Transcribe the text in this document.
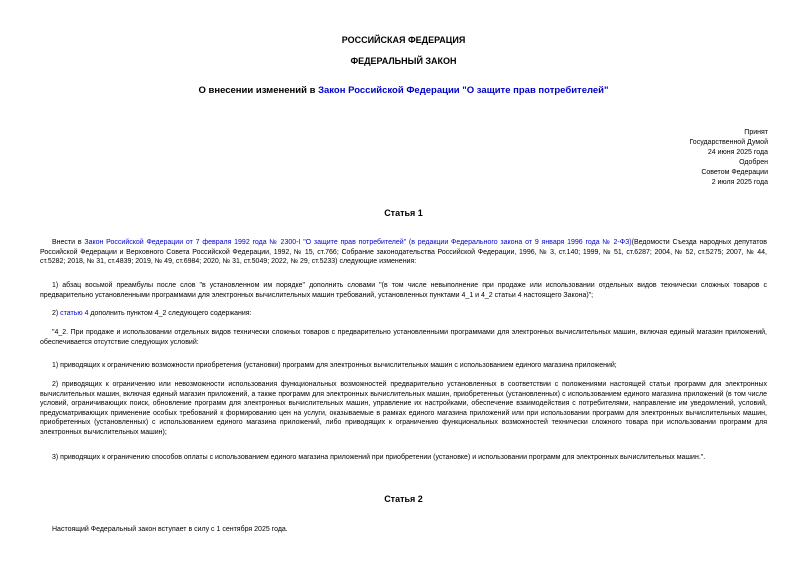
РОССИЙСКАЯ ФЕДЕРАЦИЯ
ФЕДЕРАЛЬНЫЙ ЗАКОН
О внесении изменений в Закон Российской Федерации "О защите прав потребителей"
Принят
Государственной Думой
24 июня 2025 года
Одобрен
Советом Федерации
2 июля 2025 года
Статья 1
Внести в Закон Российской Федерации от 7 февраля 1992 года № 2300-I "О защите прав потребителей" (в редакции Федерального закона от 9 января 1996 года № 2-ФЗ)(Ведомости Съезда народных депутатов Российской Федерации и Верховного Совета Российской Федерации, 1992, № 15, ст.766; Собрание законодательства Российской Федерации, 1996, № 3, ст.140; 1999, № 51, ст.6287; 2004, № 52, ст.5275; 2007, № 44, ст.5282; 2018, № 31, ст.4839; 2019, № 49, ст.6984; 2020, № 31, ст.5049; 2022, № 29, ст.5233) следующие изменения:
1) абзац восьмой преамбулы после слов "в установленном им порядке" дополнить словами "(в том числе невыполнение при продаже или использовании отдельных видов технически сложных товаров с предварительно установленными программами для электронных вычислительных машин требований, установленных пунктами 4_1 и 4_2 статьи 4 настоящего Закона)";
2) статью 4 дополнить пунктом 4_2 следующего содержания:
"4_2. При продаже и использовании отдельных видов технически сложных товаров с предварительно установленными программами для электронных вычислительных машин, включая единый магазин приложений, обеспечивается отсутствие следующих условий:
1) приводящих к ограничению возможности приобретения (установки) программ для электронных вычислительных машин с использованием единого магазина приложений;
2) приводящих к ограничению или невозможности использования функциональных возможностей предварительно установленных в соответствии с положениями настоящей статьи программ для электронных вычислительных машин, включая единый магазин приложений, а также программ для электронных вычислительных машин, приобретенных (установленных) с использованием единого магазина приложений (в том числе условий, ограничивающих поиск, обновление программ для электронных вычислительных машин, управление их настройками, обеспечение взаимодействия с потребителями, направление им уведомлений, условий, предусматривающих применение особых требований к формированию цен на услуги, оказываемые в рамках единого магазина приложений или при использовании программ для электронных вычислительных машин, приобретенных (установленных) с использованием единого магазина приложений, либо приводящих к ограничению функциональных возможностей технически сложного товара при использовании программ для электронных вычислительных машин);
3) приводящих к ограничению способов оплаты с использованием единого магазина приложений при приобретении (установке) и использовании программ для электронных вычислительных машин.".
Статья 2
Настоящий Федеральный закон вступает в силу с 1 сентября 2025 года.
